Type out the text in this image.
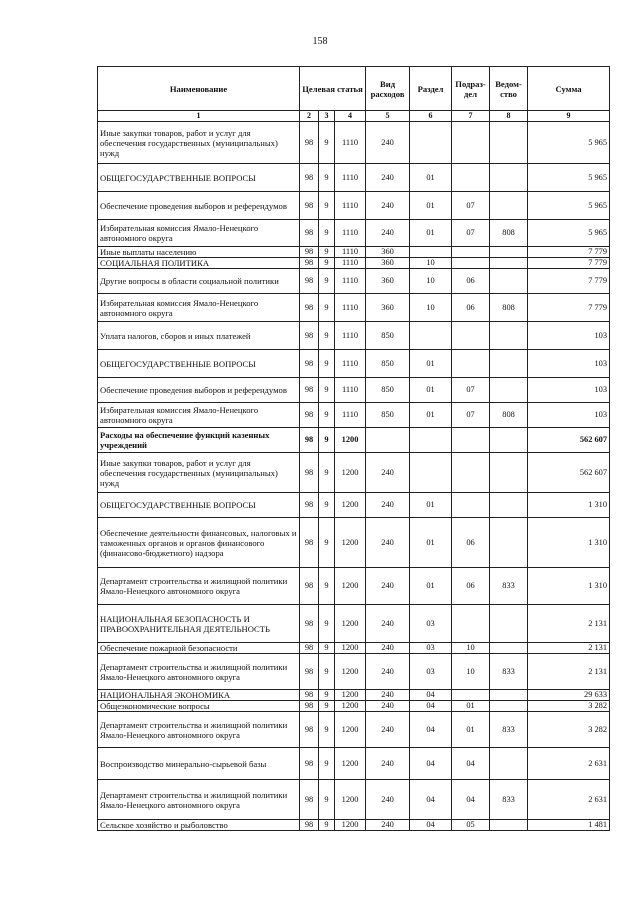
158
Наименование	Целевая статья			Вид расходов	Раздел	Подраз-дел	Ведом-ство	Сумма
1	2	3	4	5	6	7	8	9
Иные закупки товаров, работ и услуг для обеспечения государственных (муниципальных) нужд	98	9	1110	240				5 965
ОБЩЕГОСУДАРСТВЕННЫЕ ВОПРОСЫ	98	9	1110	240	01			5 965
Обеспечение проведения выборов и референдумов	98	9	1110	240	01	07		5 965
Избирательная комиссия Ямало-Ненецкого автономного округа	98	9	1110	240	01	07	808	5 965
Иные выплаты населению	98	9	1110	360				7 779
СОЦИАЛЬНАЯ ПОЛИТИКА	98	9	1110	360	10			7 779
Другие вопросы в области социальной политики	98	9	1110	360	10	06		7 779
Избирательная комиссия Ямало-Ненецкого автономного округа	98	9	1110	360	10	06	808	7 779
Уплата налогов, сборов и иных платежей	98	9	1110	850				103
ОБЩЕГОСУДАРСТВЕННЫЕ ВОПРОСЫ	98	9	1110	850	01			103
Обеспечение проведения выборов и референдумов	98	9	1110	850	01	07		103
Избирательная комиссия Ямало-Ненецкого автономного округа	98	9	1110	850	01	07	808	103
Расходы на обеспечение функций казенных учреждений	98	9	1200					562 607
Иные закупки товаров, работ и услуг для обеспечения государственных (муниципальных) нужд	98	9	1200	240				562 607
ОБЩЕГОСУДАРСТВЕННЫЕ ВОПРОСЫ	98	9	1200	240	01			1 310
Обеспечение деятельности финансовых, налоговых и таможенных органов и органов финансового (финансово-бюджетного) надзора	98	9	1200	240	01	06		1 310
Департамент строительства и жилищной политики Ямало-Ненецкого автономного округа	98	9	1200	240	01	06	833	1 310
НАЦИОНАЛЬНАЯ БЕЗОПАСНОСТЬ И ПРАВООХРАНИТЕЛЬНАЯ ДЕЯТЕЛЬНОСТЬ	98	9	1200	240	03			2 131
Обеспечение пожарной безопасности	98	9	1200	240	03	10		2 131
Департамент строительства и жилищной политики Ямало-Ненецкого автономного округа	98	9	1200	240	03	10	833	2 131
НАЦИОНАЛЬНАЯ ЭКОНОМИКА	98	9	1200	240	04			29 633
Общеэкономические вопросы	98	9	1200	240	04	01		3 282
Департамент строительства и жилищной политики Ямало-Ненецкого автономного округа	98	9	1200	240	04	01	833	3 282
Воспроизводство минерально-сырьевой базы	98	9	1200	240	04	04		2 631
Департамент строительства и жилищной политики Ямало-Ненецкого автономного округа	98	9	1200	240	04	04	833	2 631
Сельское хозяйство и рыболовство	98	9	1200	240	04	05		1 481
